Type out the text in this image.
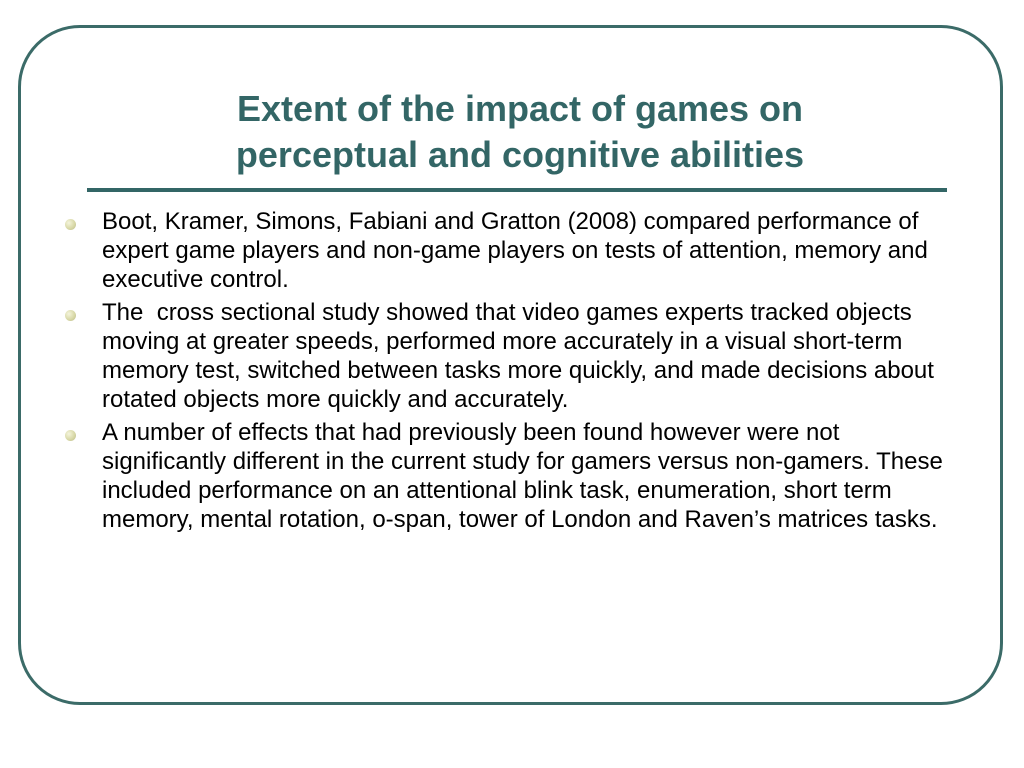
Extent of the impact of games on
perceptual and cognitive abilities
Boot, Kramer, Simons, Fabiani and Gratton (2008) compared performance of expert game players and non-game players on tests of attention, memory and executive control.
The  cross sectional study showed that video games experts tracked objects moving at greater speeds, performed more accurately in a visual short-term memory test, switched between tasks more quickly, and made decisions about rotated objects more quickly and accurately.
A number of effects that had previously been found however were not significantly different in the current study for gamers versus non-gamers. These included performance on an attentional blink task, enumeration, short term memory, mental rotation, o-span, tower of London and Raven’s matrices tasks.
